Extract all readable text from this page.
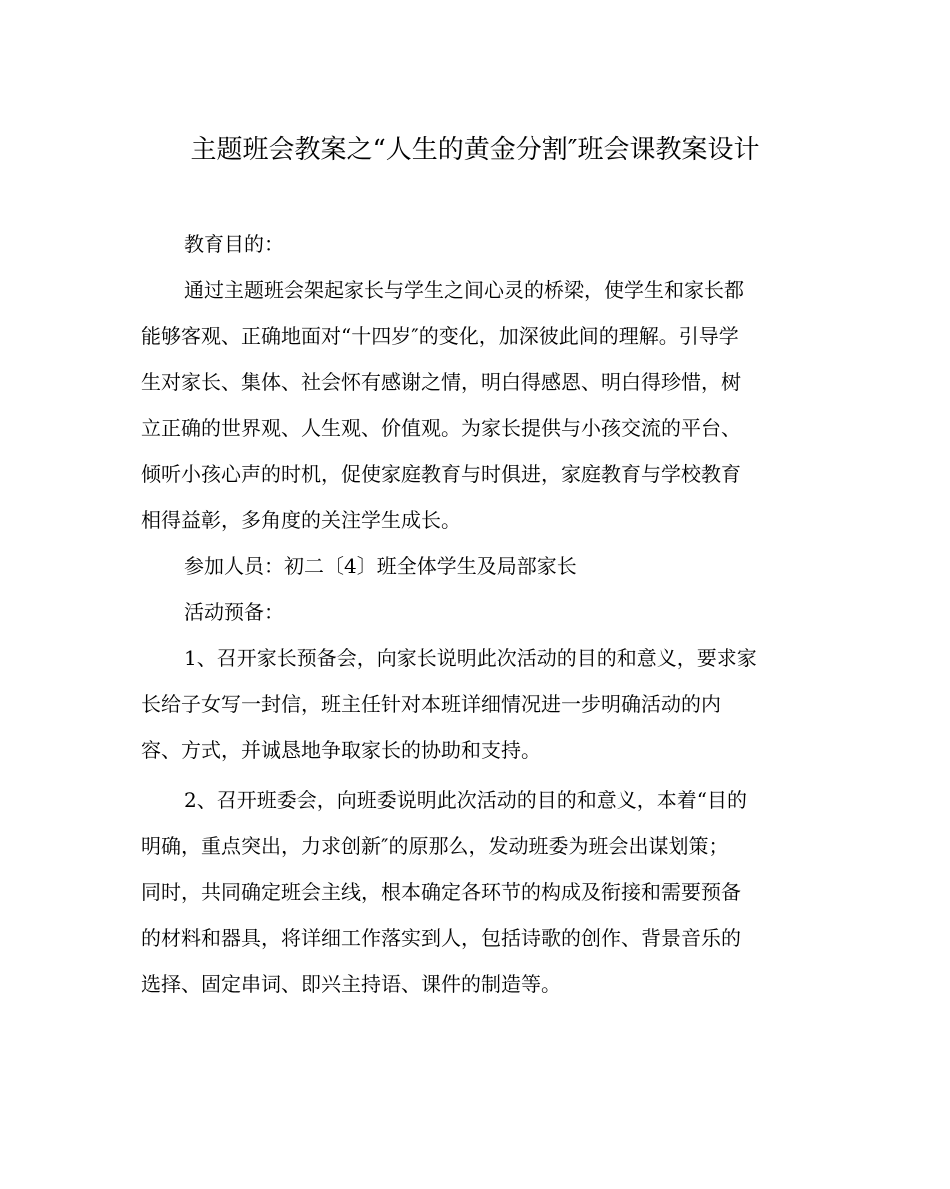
主题班会教案之“人生的黄金分割″班会课教案设计

教育目的：

通过主题班会架起家长与学生之间心灵的桥梁，使学生和家长都

能够客观、正确地面对“十四岁″的变化，加深彼此间的理解。引导学

生对家长、集体、社会怀有感谢之情，明白得感恩、明白得珍惜，树

立正确的世界观、人生观、价值观。为家长提供与小孩交流的平台、

倾听小孩心声的时机，促使家庭教育与时俱进，家庭教育与学校教育

相得益彰，多角度的关注学生成长。

参加人员：初二〔4〕班全体学生及局部家长

活动预备：

1、召开家长预备会，向家长说明此次活动的目的和意义，要求家

长给子女写一封信，班主任针对本班详细情况进一步明确活动的内

容、方式，并诚恳地争取家长的协助和支持。

2、召开班委会，向班委说明此次活动的目的和意义，本着“目的

明确，重点突出，力求创新″的原那么，发动班委为班会出谋划策；

同时，共同确定班会主线，根本确定各环节的构成及衔接和需要预备

的材料和器具，将详细工作落实到人，包括诗歌的创作、背景音乐的

选择、固定串词、即兴主持语、课件的制造等。
